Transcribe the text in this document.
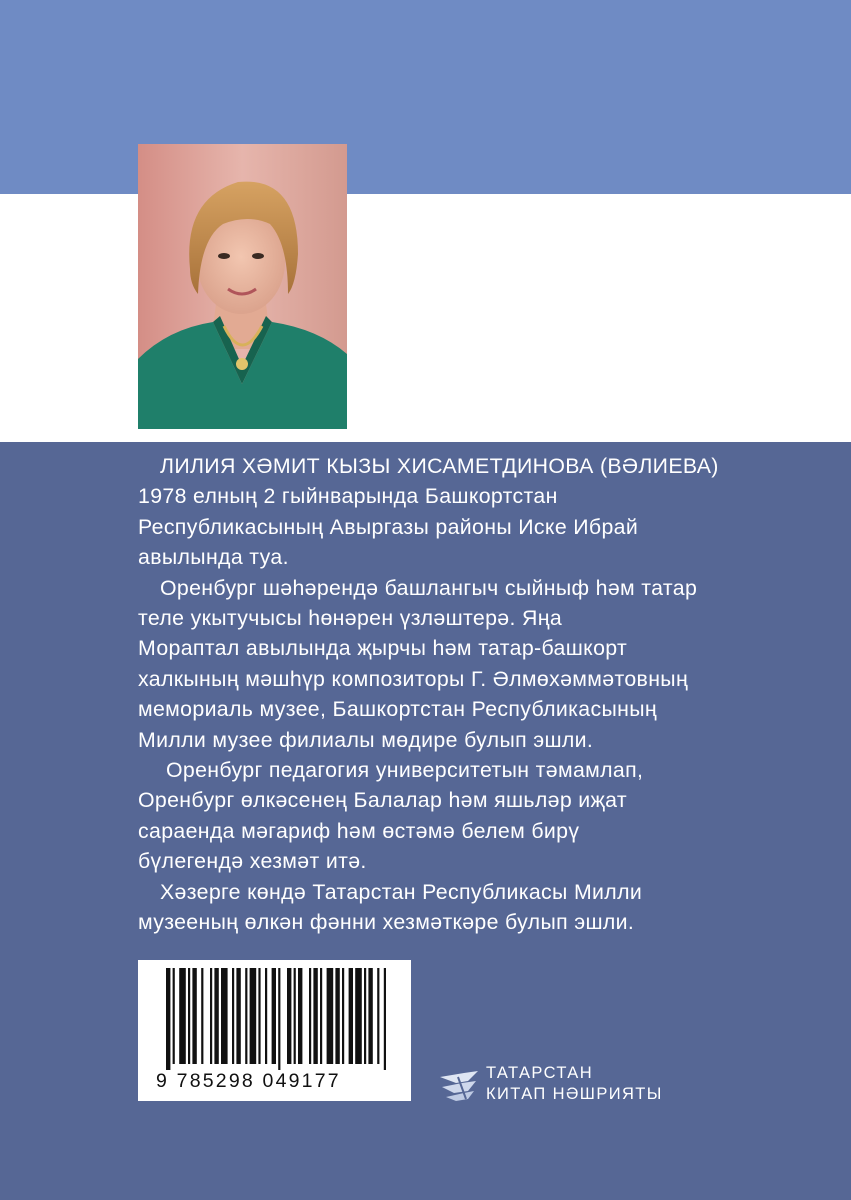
ЛИЛИЯ ХӘМИТ КЫЗЫ ХИСАМЕТДИНОВА (ВӘЛИЕВА)
1978 елның 2 гыйнварында Башкортстан
Республикасының Авыргазы районы Иске Ибрай
авылында туа.
Оренбург шәһәрендә башлангыч сыйныф һәм татар
теле укытучысы һөнәрен үзләштерә. Яңа
Мораптал авылында җырчы һәм татар-башкорт
халкының мәшһүр композиторы Г. Әлмөхәммәтовның
мемориаль музее, Башкортстан Республикасының
Милли музее филиалы мөдире булып эшли.
Оренбург педагогия университетын тәмамлап,
Оренбург өлкәсенең Балалар һәм яшьләр иҗат
сараенда мәгариф һәм өстәмә белем бирү
бүлегендә хезмәт итә.
Хәзерге көндә Татарстан Республикасы Милли
музееның өлкән фәнни хезмәткәре булып эшли.
9 785298 049177	ТАТАРСТАН
КИТАП НӘШРИЯТЫ
